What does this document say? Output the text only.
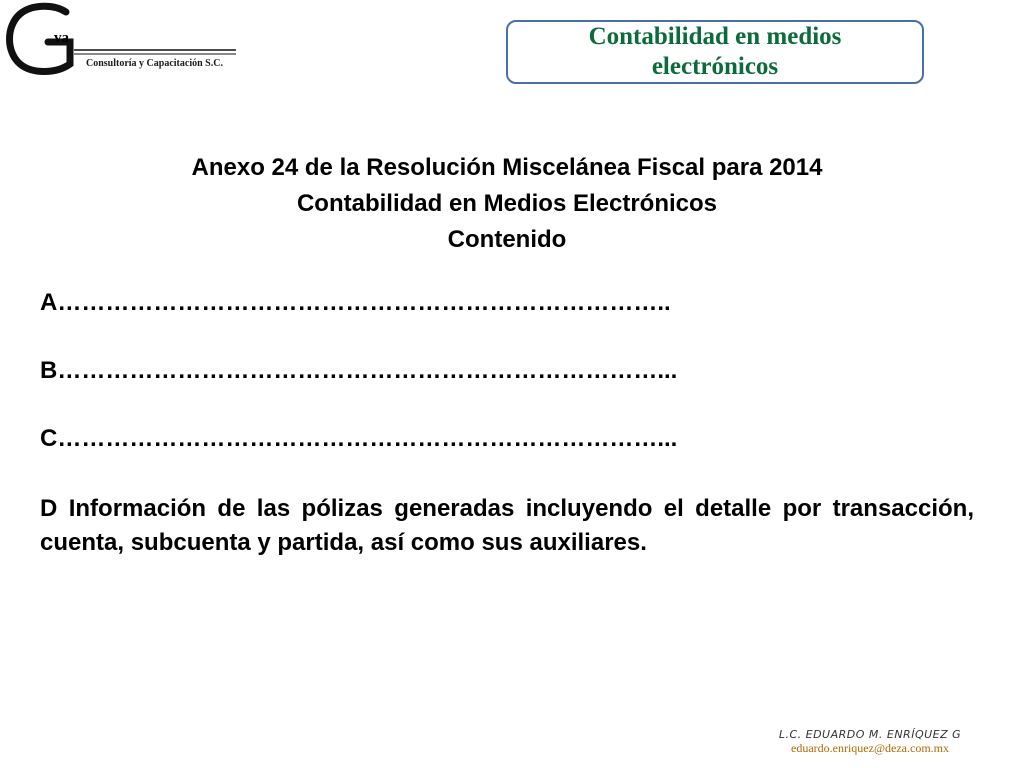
va
Consultoría y Capacitación S.C.
Contabilidad en medios electrónicos
Anexo 24 de la Resolución Miscelánea Fiscal para 2014
Contabilidad en Medios Electrónicos
Contenido
A…………………………………………………………………..
B…………………………………………………………………...
C…………………………………………………………………...
D Información de las pólizas generadas incluyendo el detalle por transacción, cuenta, subcuenta y partida, así como sus auxiliares.
L.C. EDUARDO M. ENRÍQUEZ G
eduardo.enriquez@deza.com.mx
